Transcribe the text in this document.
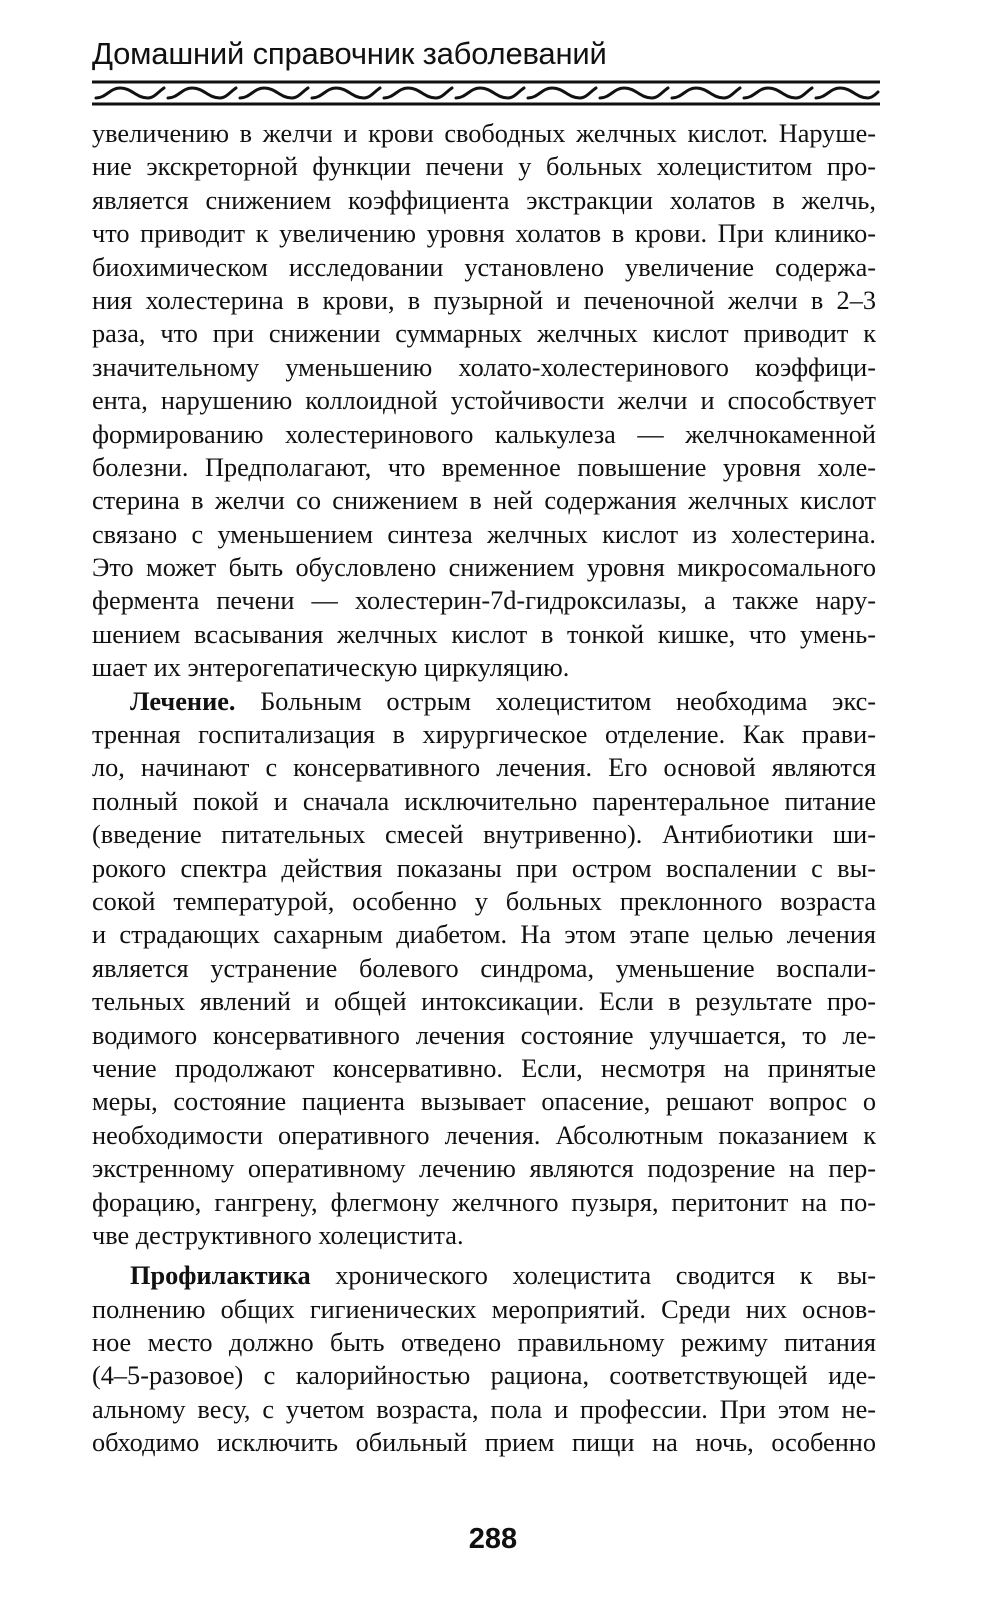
Домашний справочник заболеваний

увеличению в желчи и крови свободных желчных кислот. Наруше-
ние экскреторной функции печени у больных холециститом про-
является снижением коэффициента экстракции холатов в желчь,
что приводит к увеличению уровня холатов в крови. При клинико-
биохимическом исследовании установлено увеличение содержа-
ния холестерина в крови, в пузырной и печеночной желчи в 2–3
раза, что при снижении суммарных желчных кислот приводит к
значительному уменьшению холато-холестеринового коэффици-
ента, нарушению коллоидной устойчивости желчи и способствует
формированию холестеринового калькулеза — желчнокаменной
болезни. Предполагают, что временное повышение уровня холе-
стерина в желчи со снижением в ней содержания желчных кислот
связано с уменьшением синтеза желчных кислот из холестерина.
Это может быть обусловлено снижением уровня микросомального
фермента печени — холестерин-7d-гидроксилазы, а также нару-
шением всасывания желчных кислот в тонкой кишке, что умень-
шает их энтерогепатическую циркуляцию.

Лечение. Больным острым холециститом необходима экс-
тренная госпитализация в хирургическое отделение. Как прави-
ло, начинают с консервативного лечения. Его основой являются
полный покой и сначала исключительно парентеральное питание
(введение питательных смесей внутривенно). Антибиотики ши-
рокого спектра действия показаны при остром воспалении с вы-
сокой температурой, особенно у больных преклонного возраста
и страдающих сахарным диабетом. На этом этапе целью лечения
является устранение болевого синдрома, уменьшение воспали-
тельных явлений и общей интоксикации. Если в результате про-
водимого консервативного лечения состояние улучшается, то ле-
чение продолжают консервативно. Если, несмотря на принятые
меры, состояние пациента вызывает опасение, решают вопрос о
необходимости оперативного лечения. Абсолютным показанием к
экстренному оперативному лечению являются подозрение на пер-
форацию, гангрену, флегмону желчного пузыря, перитонит на по-
чве деструктивного холецистита.

Профилактика хронического холецистита сводится к вы-
полнению общих гигиенических мероприятий. Среди них основ-
ное место должно быть отведено правильному режиму питания
(4–5-разовое) с калорийностью рациона, соответствующей иде-
альному весу, с учетом возраста, пола и профессии. При этом не-
обходимо исключить обильный прием пищи на ночь, особенно

288
